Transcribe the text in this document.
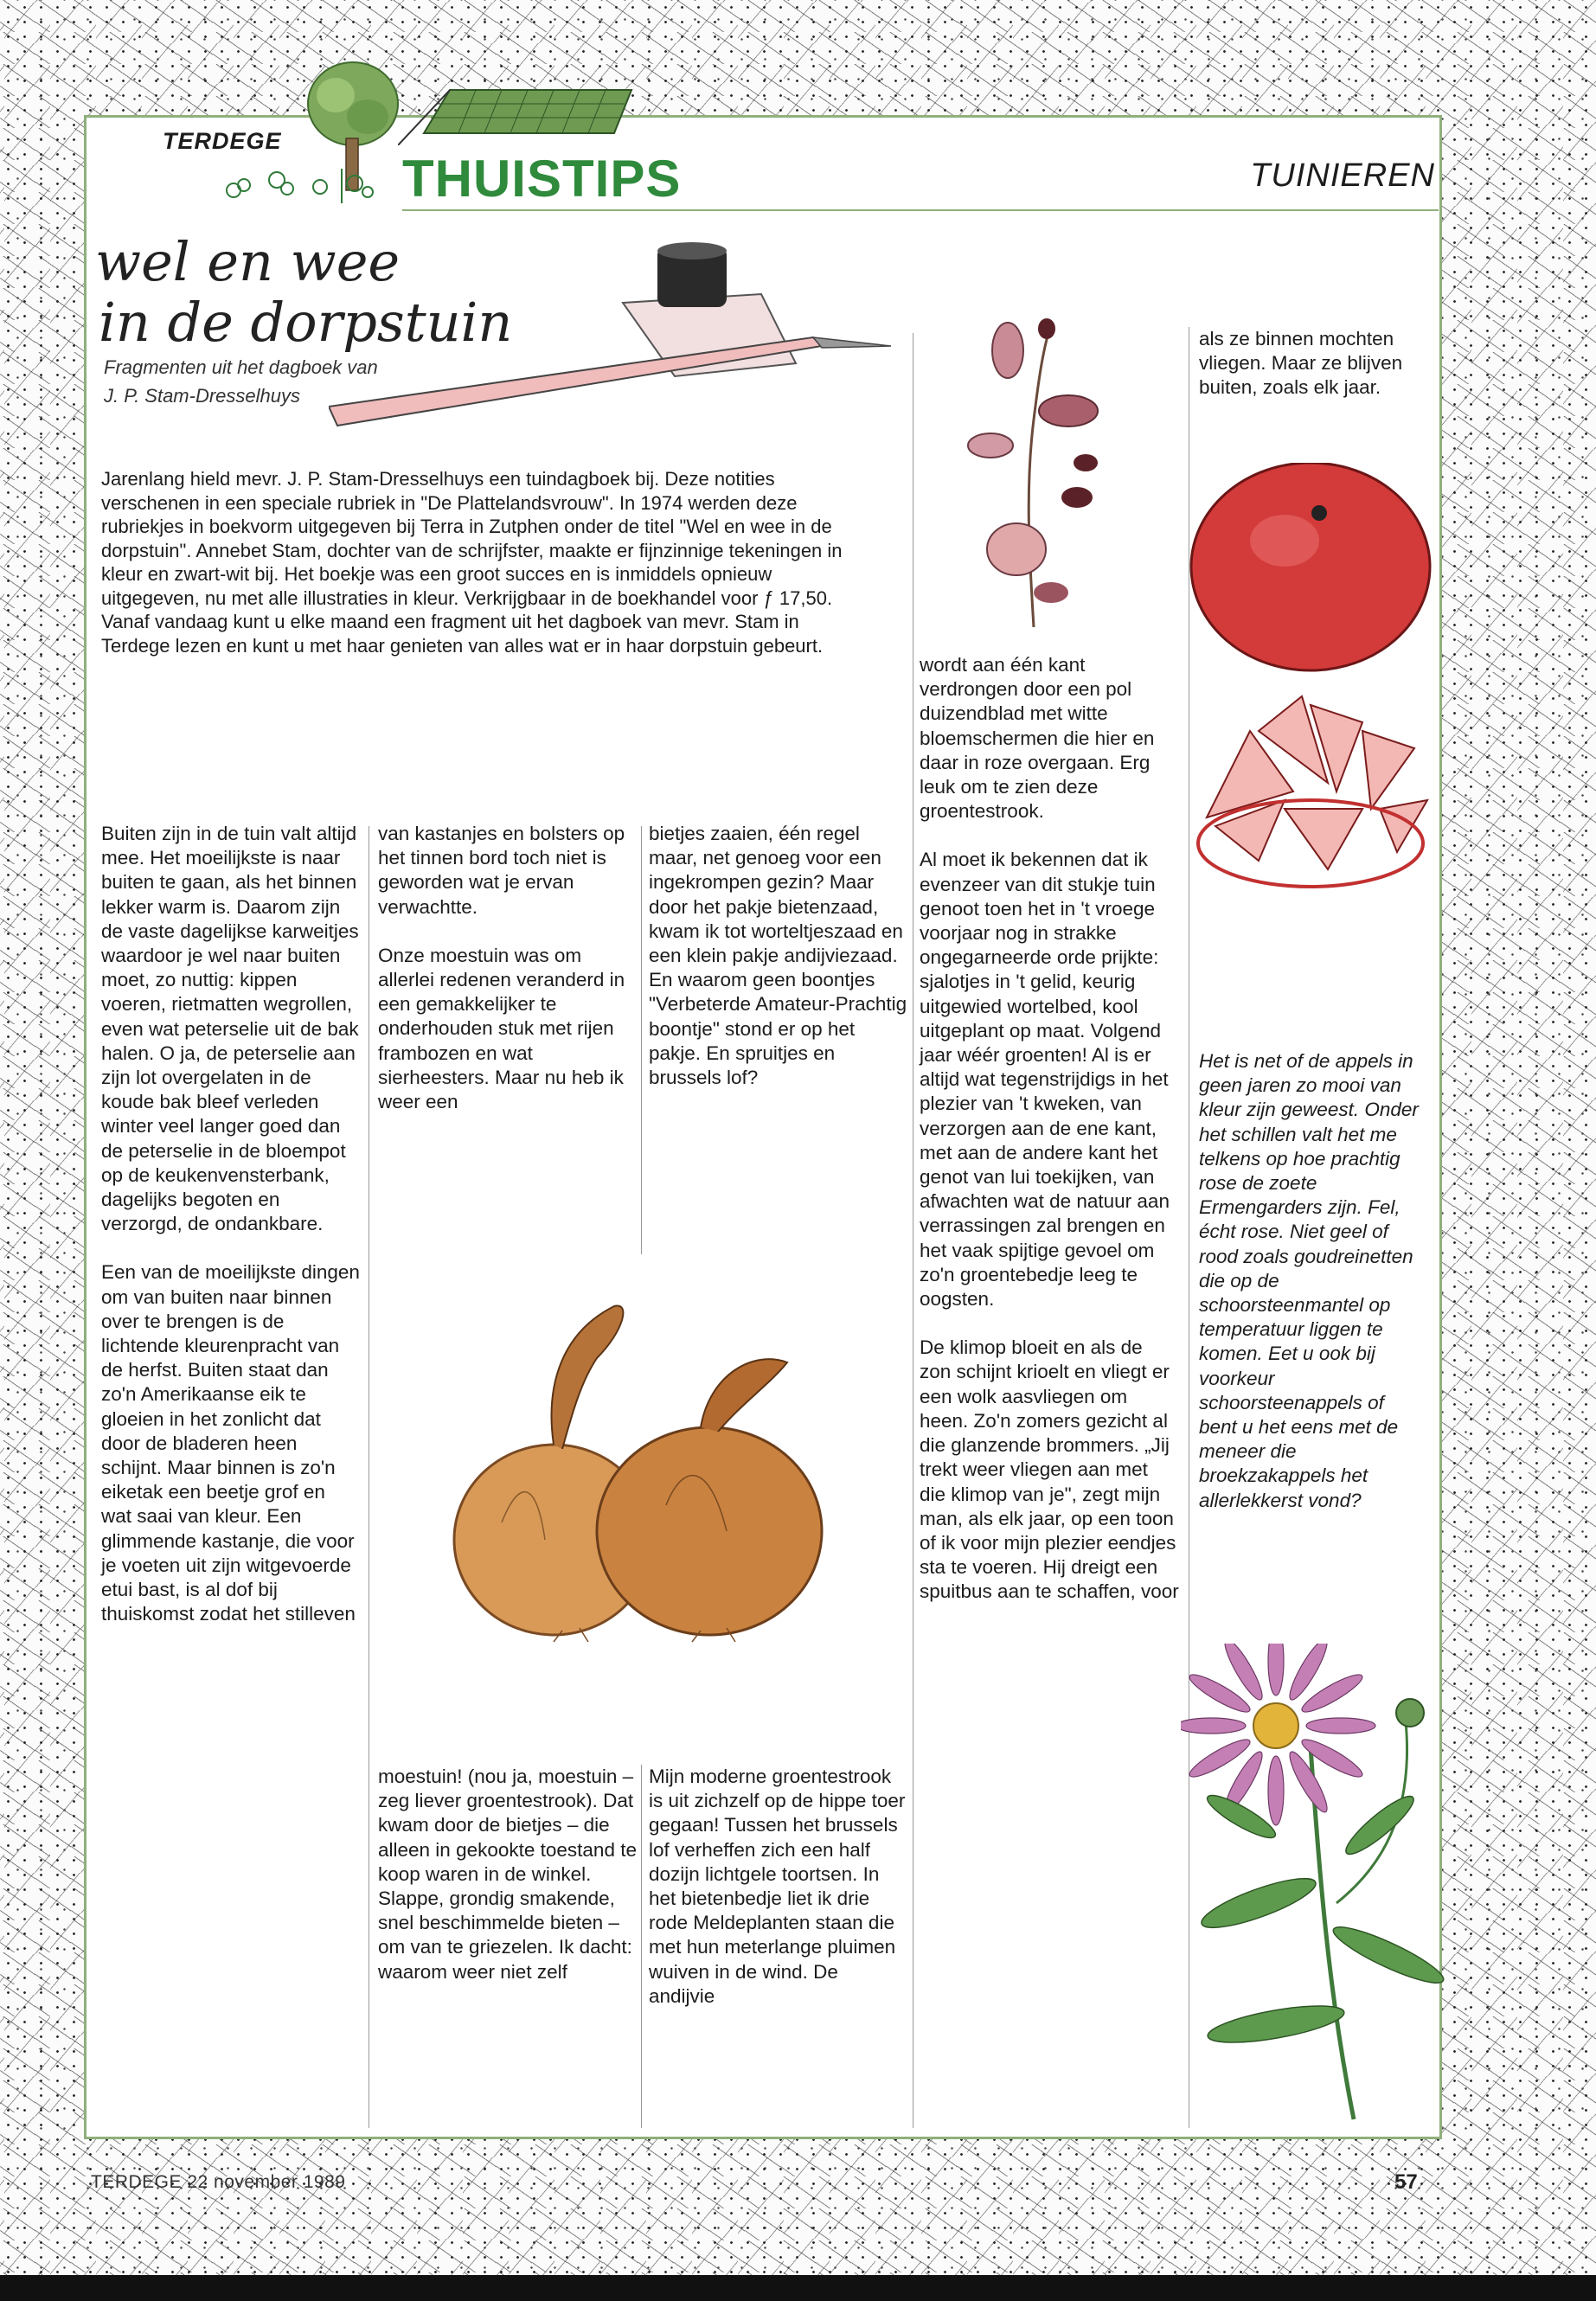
TERDEGE
THUISTIPS	TUINIEREN
wel en wee
in de dorpstuin
Fragmenten uit het dagboek van
J. P. Stam-Dresselhuys

Jarenlang hield mevr. J. P. Stam-Dresselhuys een tuindagboek bij. Deze notities verschenen in een speciale rubriek in "De Plattelandsvrouw". In 1974 werden deze rubriekjes in boekvorm uitgegeven bij Terra in Zutphen onder de titel "Wel en wee in de dorpstuin". Annebet Stam, dochter van de schrijfster, maakte er fijnzinnige tekeningen in kleur en zwart-wit bij. Het boekje was een groot succes en is inmiddels opnieuw uitgegeven, nu met alle illustraties in kleur. Verkrijgbaar in de boekhandel voor ƒ 17,50.

Vanaf vandaag kunt u elke maand een fragment uit het dagboek van mevr. Stam in Terdege lezen en kunt u met haar genieten van alles wat er in haar dorpstuin gebeurt.

Buiten zijn in de tuin valt altijd mee. Het moeilijkste is naar buiten te gaan, als het binnen lekker warm is. Daarom zijn de vaste dagelijkse karweitjes waardoor je wel naar buiten moet, zo nuttig: kippen voeren, rietmatten wegrollen, even wat peterselie uit de bak halen. O ja, de peterselie aan zijn lot overgelaten in de koude bak bleef verleden winter veel langer goed dan de peterselie in de bloempot op de keukenvensterbank, dagelijks begoten en verzorgd, de ondankbare.

Een van de moeilijkste dingen om van buiten naar binnen over te brengen is de lichtende kleurenpracht van de herfst. Buiten staat dan zo'n Amerikaanse eik te gloeien in het zonlicht dat door de bladeren heen schijnt. Maar binnen is zo'n eiketak een beetje grof en wat saai van kleur. Een glimmende kastanje, die voor je voeten uit zijn witgevoerde etui bast, is al dof bij thuiskomst zodat het stilleven

van kastanjes en bolsters op het tinnen bord toch niet is geworden wat je ervan verwachtte.

Onze moestuin was om allerlei redenen veranderd in een gemakkelijker te onderhouden stuk met rijen frambozen en wat sierheesters. Maar nu heb ik weer een

bietjes zaaien, één regel maar, net genoeg voor een ingekrompen gezin? Maar door het pakje bietenzaad, kwam ik tot worteltjeszaad en een klein pakje andijviezaad. En waarom geen boontjes "Verbeterde Amateur-Prachtig boontje" stond er op het pakje. En spruitjes en brussels lof?

moestuin! (nou ja, moestuin – zeg liever groentestrook). Dat kwam door de bietjes – die alleen in gekookte toestand te koop waren in de winkel. Slappe, grondig smakende, snel beschimmelde bieten – om van te griezelen. Ik dacht: waarom weer niet zelf

Mijn moderne groentestrook is uit zichzelf op de hippe toer gegaan! Tussen het brussels lof verheffen zich een half dozijn lichtgele toortsen. In het bietenbedje liet ik drie rode Meldeplanten staan die met hun meterlange pluimen wuiven in de wind. De andijvie

wordt aan één kant verdrongen door een pol duizendblad met witte bloemschermen die hier en daar in roze overgaan. Erg leuk om te zien deze groentestrook.

Al moet ik bekennen dat ik evenzeer van dit stukje tuin genoot toen het in 't vroege voorjaar nog in strakke ongegarneerde orde prijkte: sjalotjes in 't gelid, keurig uitgewied wortelbed, kool uitgeplant op maat. Volgend jaar wéér groenten! Al is er altijd wat tegenstrijdigs in het plezier van 't kweken, van verzorgen aan de ene kant, met aan de andere kant het genot van lui toekijken, van afwachten wat de natuur aan verrassingen zal brengen en het vaak spijtige gevoel om zo'n groentebedje leeg te oogsten.

De klimop bloeit en als de zon schijnt krioelt en vliegt er een wolk aasvliegen om heen. Zo'n zomers gezicht al die glanzende brommers. „Jij trekt weer vliegen aan met die klimop van je", zegt mijn man, als elk jaar, op een toon of ik voor mijn plezier eendjes sta te voeren. Hij dreigt een spuitbus aan te schaffen, voor

als ze binnen mochten vliegen. Maar ze blijven buiten, zoals elk jaar.

Het is net of de appels in geen jaren zo mooi van kleur zijn geweest. Onder het schillen valt het me telkens op hoe prachtig rose de zoete Ermengarders zijn. Fel, écht rose. Niet geel of rood zoals goudreinetten die op de schoorsteenmantel op temperatuur liggen te komen. Eet u ook bij voorkeur schoorsteenappels of bent u het eens met de meneer die broekzakappels het allerlekkerst vond?

TERDEGE 22 november 1989	57
